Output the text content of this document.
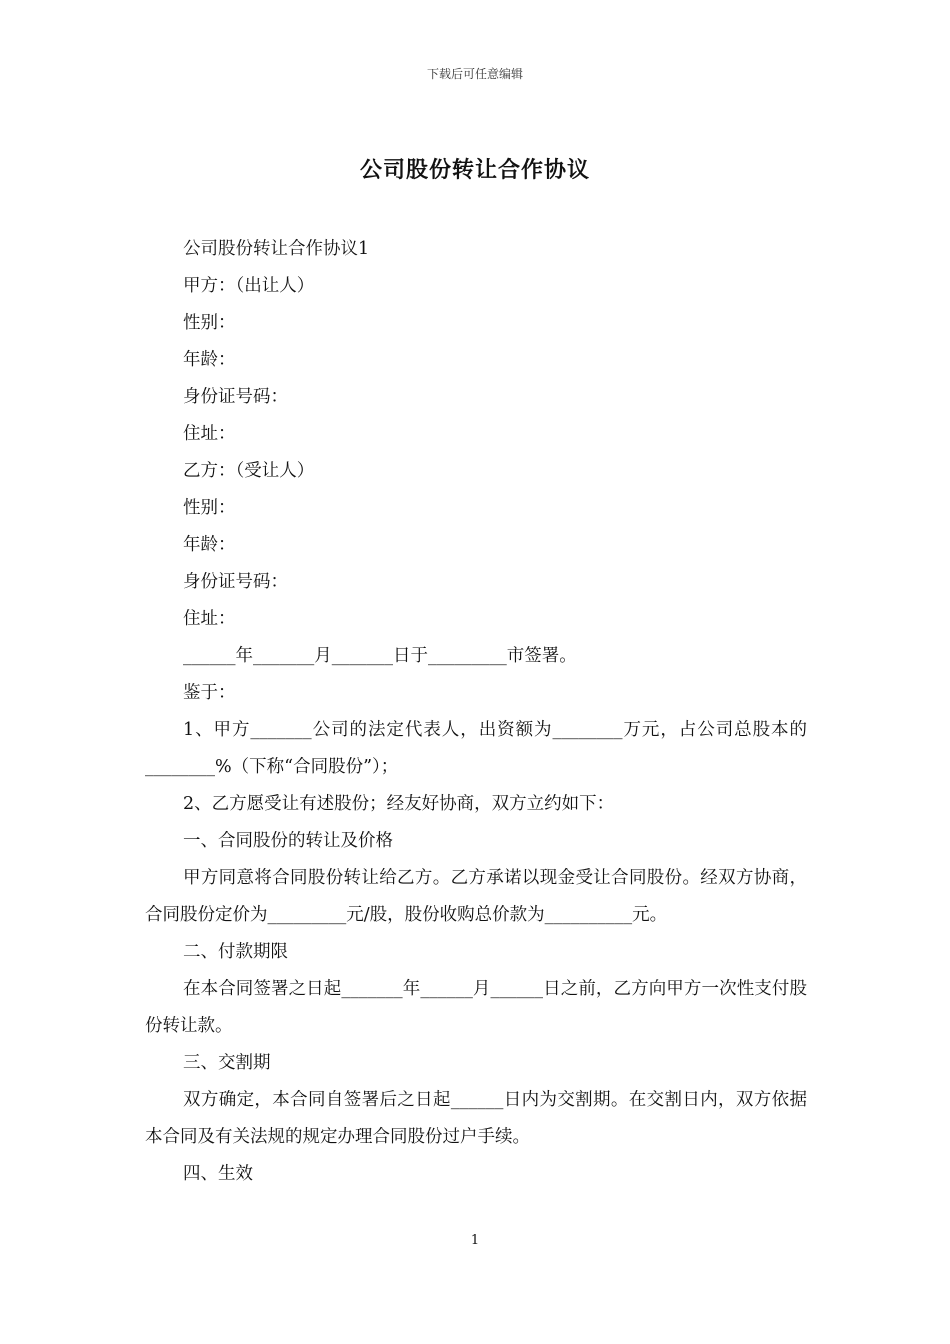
下载后可任意编辑
公司股份转让合作协议

公司股份转让合作协议1

甲方：（出让人）

性别：

年龄：

身份证号码：

住址：

乙方：（受让人）

性别：

年龄：

身份证号码：

住址：

______年_______月_______日于_________市签署。

鉴于：

1、甲方_______公司的法定代表人，出资额为________万元，占公司总股本的________%（下称“合同股份”）；

2、乙方愿受让有述股份；经友好协商，双方立约如下：

一、合同股份的转让及价格

甲方同意将合同股份转让给乙方。乙方承诺以现金受让合同股份。经双方协商，合同股份定价为_________元/股，股份收购总价款为__________元。

二、付款期限

在本合同签署之日起_______年______月______日之前，乙方向甲方一次性支付股份转让款。

三、交割期

双方确定，本合同自签署后之日起______日内为交割期。在交割日内，双方依据本合同及有关法规的规定办理合同股份过户手续。

四、生效

1
